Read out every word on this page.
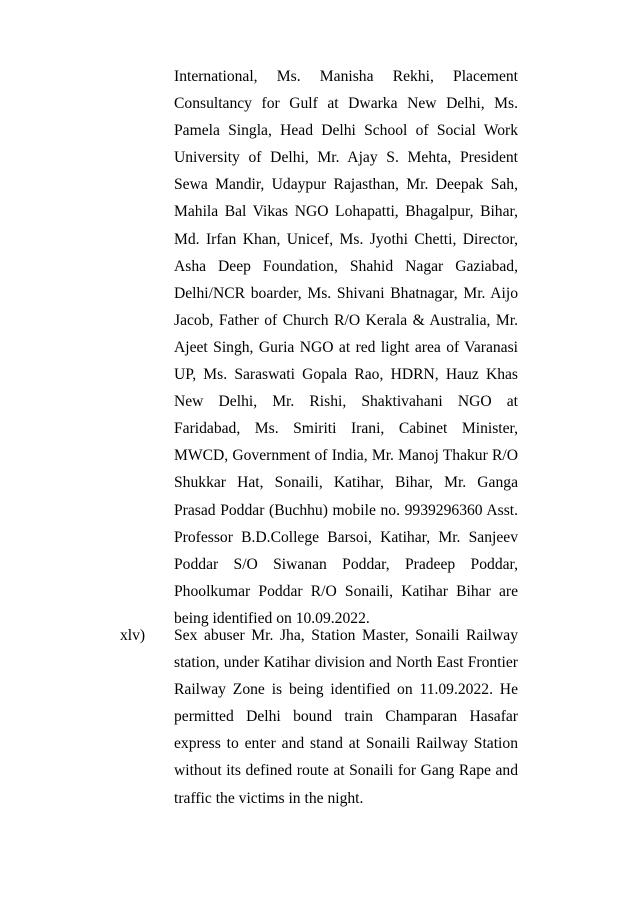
International, Ms. Manisha Rekhi, Placement Consultancy for Gulf at Dwarka New Delhi, Ms. Pamela Singla, Head Delhi School of Social Work University of Delhi, Mr. Ajay S. Mehta, President Sewa Mandir, Udaypur Rajasthan, Mr. Deepak Sah, Mahila Bal Vikas NGO Lohapatti, Bhagalpur, Bihar, Md. Irfan Khan, Unicef, Ms. Jyothi Chetti, Director, Asha Deep Foundation, Shahid Nagar Gaziabad, Delhi/NCR boarder, Ms. Shivani Bhatnagar, Mr. Aijo Jacob, Father of Church R/O Kerala & Australia, Mr. Ajeet Singh, Guria NGO at red light area of Varanasi UP, Ms. Saraswati Gopala Rao, HDRN, Hauz Khas New Delhi, Mr. Rishi, Shaktivahani NGO at Faridabad, Ms. Smiriti Irani, Cabinet Minister, MWCD, Government of India, Mr. Manoj Thakur R/O Shukkar Hat, Sonaili, Katihar, Bihar, Mr. Ganga Prasad Poddar (Buchhu) mobile no. 9939296360 Asst. Professor B.D.College Barsoi, Katihar, Mr. Sanjeev Poddar S/O Siwanan Poddar, Pradeep Poddar, Phoolkumar Poddar R/O Sonaili, Katihar Bihar are being identified on 10.09.2022.

xlv) Sex abuser Mr. Jha, Station Master, Sonaili Railway station, under Katihar division and North East Frontier Railway Zone is being identified on 11.09.2022. He permitted Delhi bound train Champaran Hasafar express to enter and stand at Sonaili Railway Station without its defined route at Sonaili for Gang Rape and traffic the victims in the night.
